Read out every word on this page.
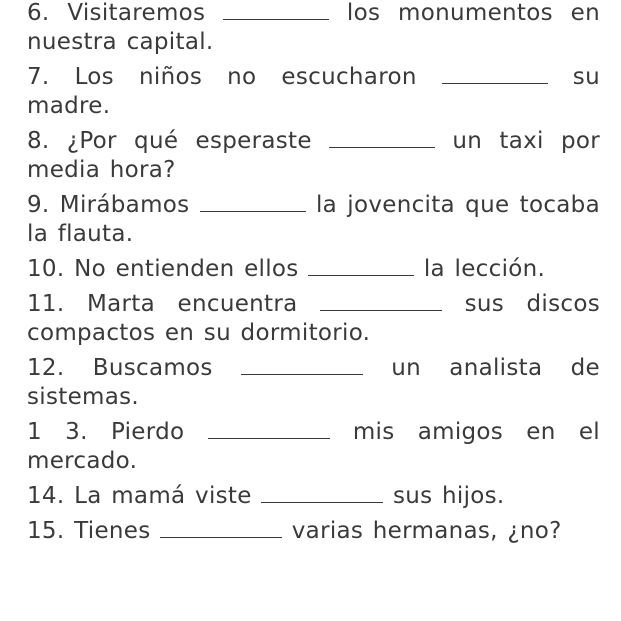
6. Visitaremos	los monumentos en nuestra capital.

7. Los niños no escucharon	su madre.

8. ¿Por qué esperaste	un taxi por media hora?

9. Mirábamos	la jovencita que tocaba la flauta.

10. No entienden ellos	la lección.

11. Marta encuentra	sus discos compactos en su dormitorio.

12. Buscamos	un analista de sistemas.

1 3. Pierdo	mis amigos en el mercado.

14. La mamá viste	sus hijos.

15. Tienes	varias hermanas, ¿no?
